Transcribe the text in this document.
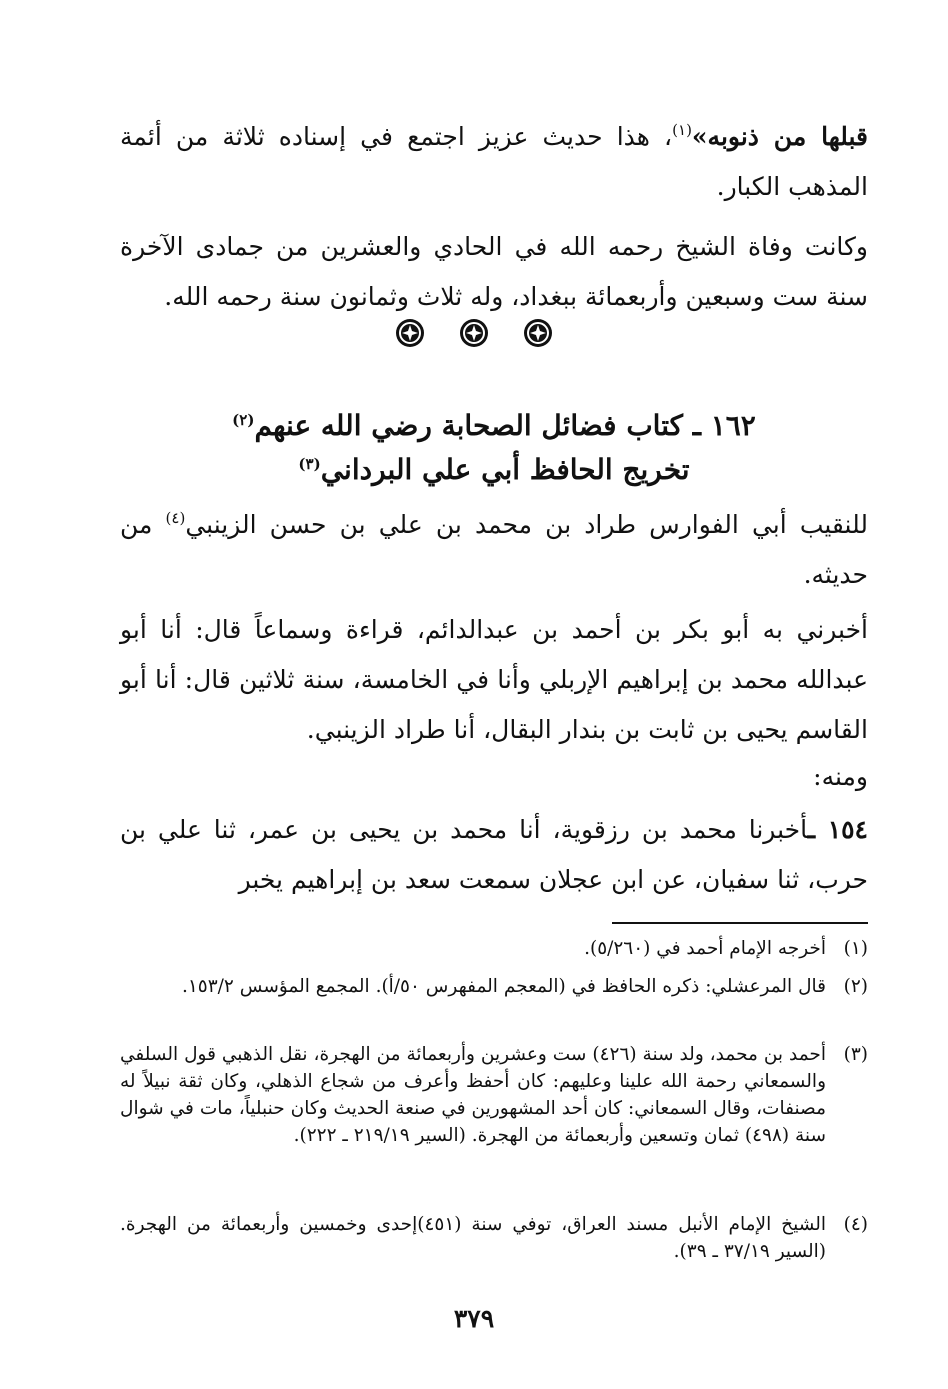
قبلها من ذنوبه»$^{(١)}$، هذا حديث عزيز اجتمع في إسناده ثلاثة من أئمة المذهب الكبار.
وكانت وفاة الشيخ رحمه الله في الحادي والعشرين من جمادى الآخرة سنة ست وسبعين وأربعمائة ببغداد، وله ثلاث وثمانون سنة رحمه الله.
١٦٢ ـ كتاب فضائل الصحابة رضي الله عنهم$^{(٢)}$
تخريج الحافظ أبي علي البرداني$^{(٣)}$
للنقيب أبي الفوارس طراد بن محمد بن علي بن حسن الزينبي$^{(٤)}$ من حديثه.
أخبرني به أبو بكر بن أحمد بن عبدالدائم، قراءة وسماعاً قال: أنا أبو عبدالله محمد بن إبراهيم الإربلي وأنا في الخامسة، سنة ثلاثين قال: أنا أبو القاسم يحيى بن ثابت بن بندار البقال، أنا طراد الزينبي.
ومنه:
١٥٤ ـأخبرنا محمد بن رزقوية، أنا محمد بن يحيى بن عمر، ثنا علي بن حرب، ثنا سفيان، عن ابن عجلان سمعت سعد بن إبراهيم يخبر
(١)
أخرجه الإمام أحمد في (٥/٢٦٠).
(٢)
قال المرعشلي: ذكره الحافظ في (المعجم المفهرس ٥٠/أ). المجمع المؤسس ١٥٣/٢.
(٣)
أحمد بن محمد، ولد سنة (٤٢٦) ست وعشرين وأربعمائة من الهجرة، نقل الذهبي قول السلفي والسمعاني رحمة الله علينا وعليهم: كان أحفظ وأعرف من شجاع الذهلي، وكان ثقة نبيلاً له مصنفات، وقال السمعاني: كان أحد المشهورين في صنعة الحديث وكان حنبلياً، مات في شوال سنة (٤٩٨) ثمان وتسعين وأربعمائة من الهجرة. (السير ٢١٩/١٩ ـ ٢٢٢).
(٤)
الشيخ الإمام الأنبل مسند العراق، توفي سنة (٤٥١)إحدى وخمسين وأربعمائة من الهجرة. (السير ٣٧/١٩ ـ ٣٩).
٣٧٩
